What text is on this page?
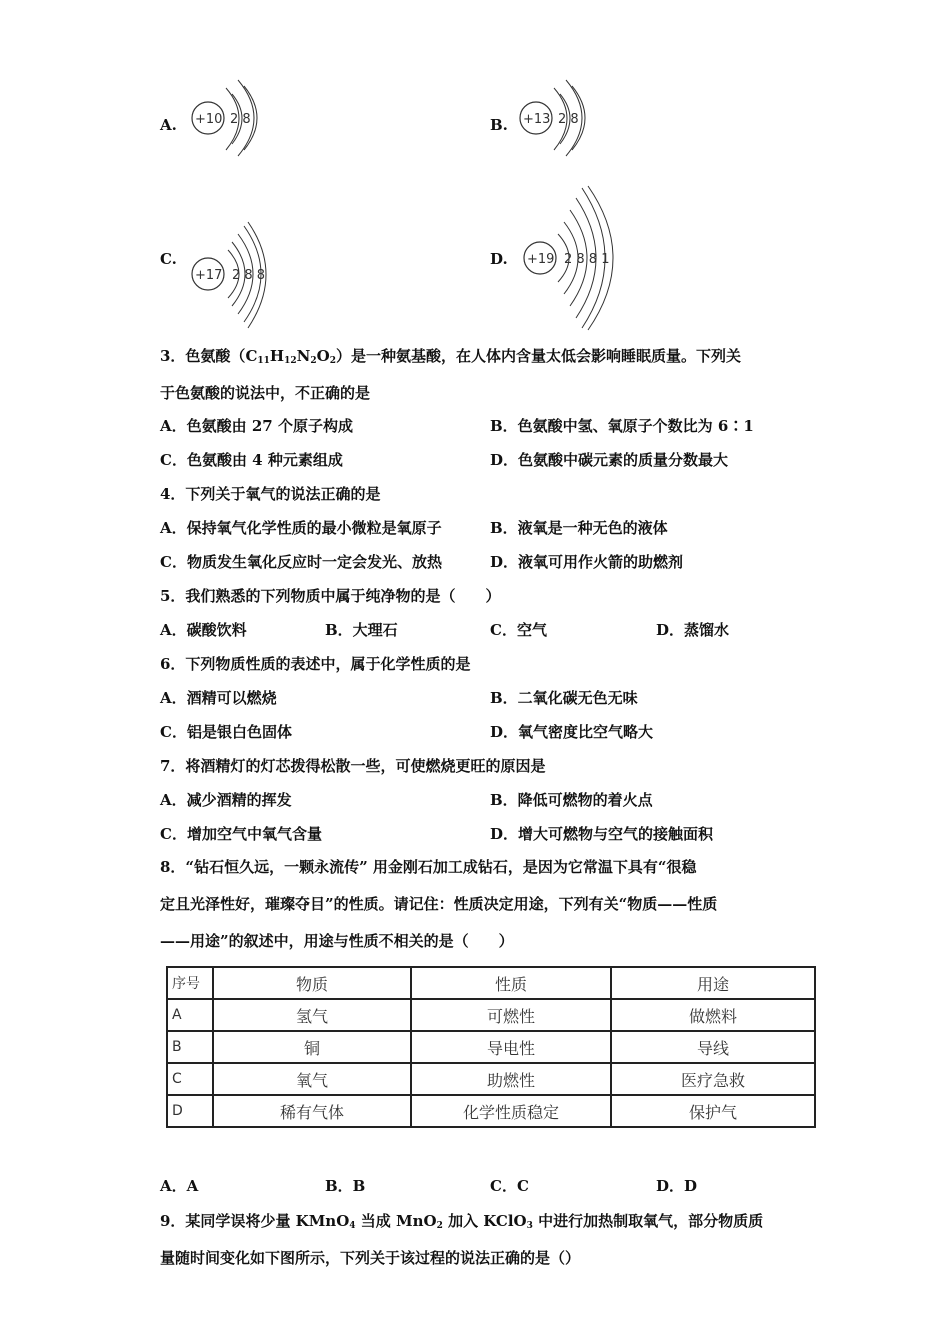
A. +10 2 8	B. +13 2 8
C.
+17 2 8 8
D. +19 2 8 8 1
3．色氨酸$(C_{11}H_{12}N_2O_2)$是一种氨基酸，在人体内含量太低会影响睡眠质量。下列关
于色氨酸的说法中，不正确的是
A．色氨酸由 27 个原子构成	B．色氨酸中氢、氧原子个数比为 6∶1
C．色氨酸由 4 种元素组成	D．色氨酸中碳元素的质量分数最大
4．下列关于氧气的说法正确的是
A．保持氧气化学性质的最小微粒是氧原子	B．液氧是一种无色的液体
C．物质发生氧化反应时一定会发光、放热	D．液氧可用作火箭的助燃剂
5．我们熟悉的下列物质中属于纯净物的是（　　）
A．碳酸饮料	B．大理石	C．空气	D．蒸馏水
6．下列物质性质的表述中，属于化学性质的是
A．酒精可以燃烧	B．二氧化碳无色无味
C．铝是银白色固体	D．氧气密度比空气略大
7．将酒精灯的灯芯拨得松散一些，可使燃烧更旺的原因是
A．减少酒精的挥发	B．降低可燃物的着火点
C．增加空气中氧气含量	D．增大可燃物与空气的接触面积
8．“钻石恒久远，一颗永流传” 用金刚石加工成钻石，是因为它常温下具有“很稳
定且光泽性好，璀璨夺目”的性质。请记住：性质决定用途，下列有关“物质——性质
——用途”的叙述中，用途与性质不相关的是（　　）
序号	物质	性质	用途
A	氢气	可燃性	做燃料
B	铜	导电性	导线
C	氧气	助燃性	医疗急救
D	稀有气体	化学性质稳定	保护气
A．A	B．B	C．C	D．D
9．某同学误将少量 KMnO$_4$ 当成 MnO$_2$ 加入 KClO$_3$ 中进行加热制取氧气，部分物质质
量随时间变化如下图所示，下列关于该过程的说法正确的是（）
